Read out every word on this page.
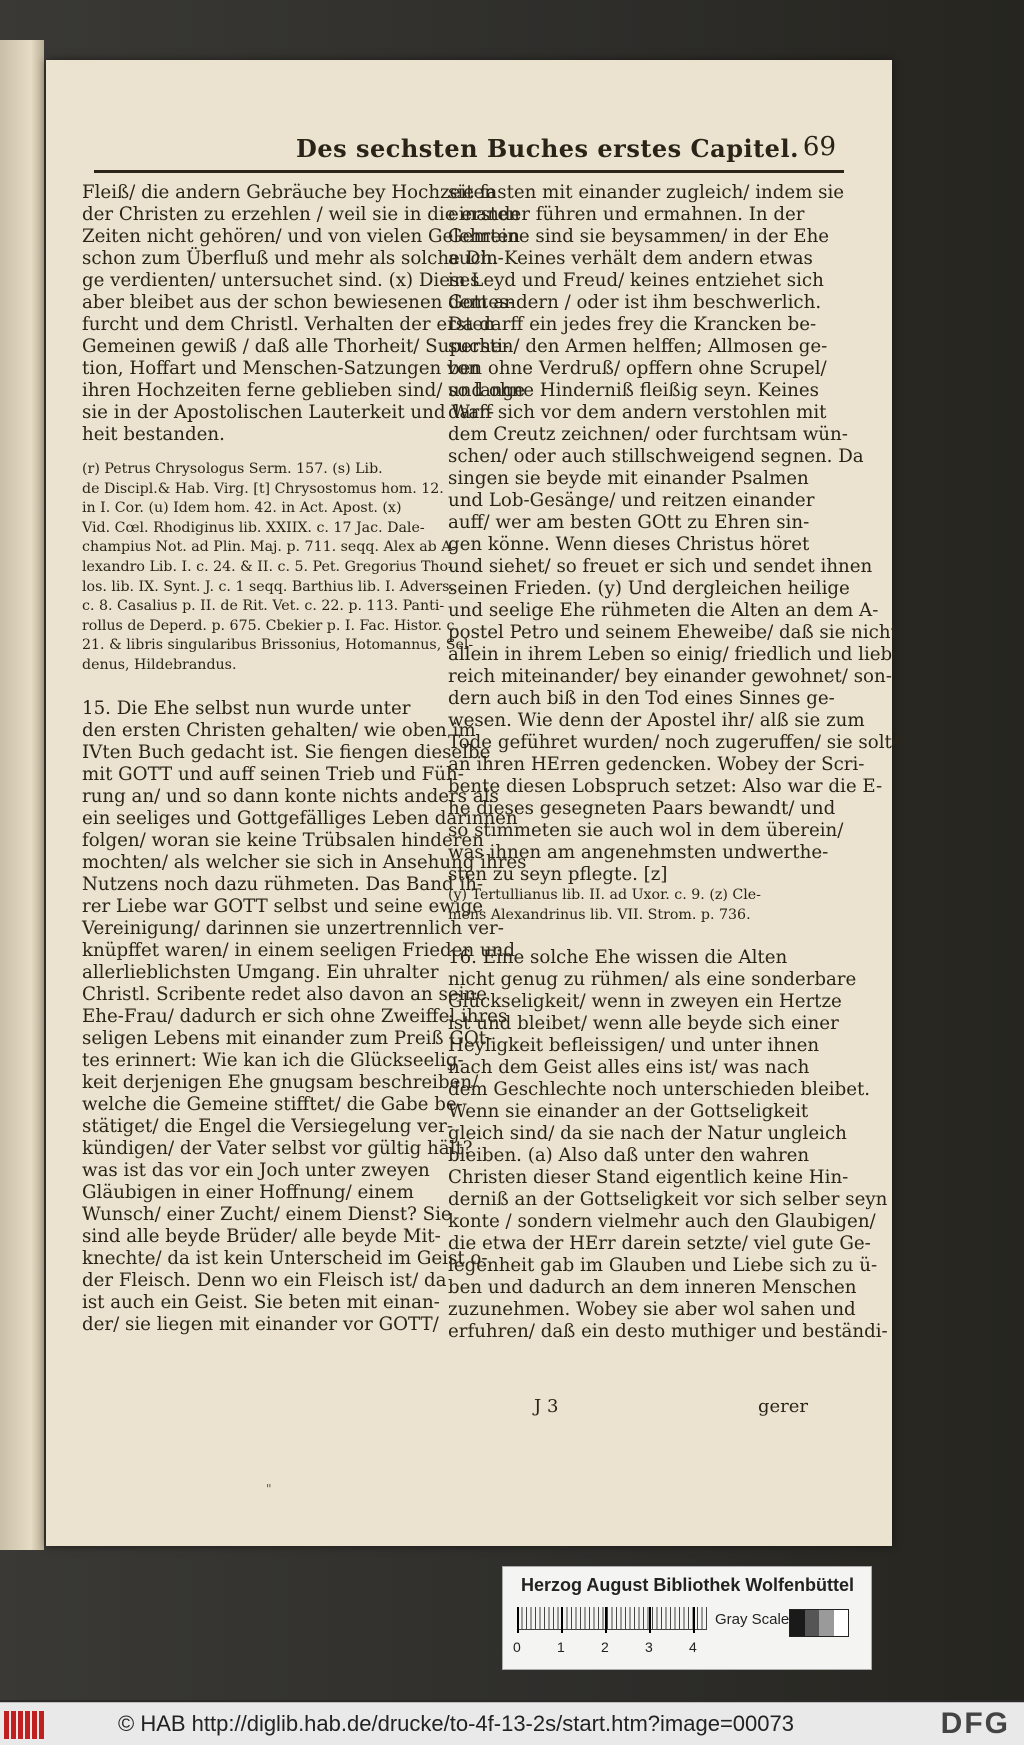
Des sechsten Buches erstes Capitel. 69
Fleiß/ die andern Gebräuche bey Hochzeiten
der Christen zu erzehlen / weil sie in die ersten
Zeiten nicht gehören/ und von vielen Gelehrten
schon zum Überfluß und mehr als solche Din-
ge verdienten/ untersuchet sind. (x) Dieses
aber bleibet aus der schon bewiesenen Gottes-
furcht und dem Christl. Verhalten der ersten
Gemeinen gewiß / daß alle Thorheit/ Supersti-
tion, Hoffart und Menschen-Satzungen von
ihren Hochzeiten ferne geblieben sind/ so lange
sie in der Apostolischen Lauterkeit und War-
heit bestanden.
(r) Petrus Chrysologus Serm. 157. (s) Lib.
de Discipl.& Hab. Virg. [t] Chrysostomus hom. 12.
in I. Cor. (u) Idem hom. 42. in Act. Apost. (x)
Vid. Cœl. Rhodiginus lib. XXIIX. c. 17 Jac. Dale-
champius Not. ad Plin. Maj. p. 711. seqq. Alex ab A-
lexandro Lib. I. c. 24. & II. c. 5. Pet. Gregorius Tho-
los. lib. IX. Synt. J. c. 1 seqq. Barthius lib. I. Advers.
c. 8. Casalius p. II. de Rit. Vet. c. 22. p. 113. Panti-
rollus de Deperd. p. 675. Cbekier p. I. Fac. Histor. c.
21. & libris singularibus Brissonius, Hotomannus, Sel-
denus, Hildebrandus.
15. Die Ehe selbst nun wurde unter
den ersten Christen gehalten/ wie oben im
IVten Buch gedacht ist. Sie fiengen dieselbe
mit GOTT und auff seinen Trieb und Füh-
rung an/ und so dann konte nichts anders als
ein seeliges und Gottgefälliges Leben darinnen
folgen/ woran sie keine Trübsalen hinderen
mochten/ als welcher sie sich in Ansehung ihres
Nutzens noch dazu rühmeten. Das Band ih-
rer Liebe war GOTT selbst und seine ewige
Vereinigung/ darinnen sie unzertrennlich ver-
knüpffet waren/ in einem seeligen Frieden und
allerlieblichsten Umgang. Ein uhralter
Christl. Scribente redet also davon an seine
Ehe-Frau/ dadurch er sich ohne Zweiffel ihres
seligen Lebens mit einander zum Preiß GOt-
tes erinnert: Wie kan ich die Glückseelig-
keit derjenigen Ehe gnugsam beschreiben/
welche die Gemeine stifftet/ die Gabe be-
stätiget/ die Engel die Versiegelung ver-
kündigen/ der Vater selbst vor gültig hält?
was ist das vor ein Joch unter zweyen
Gläubigen in einer Hoffnung/ einem
Wunsch/ einer Zucht/ einem Dienst? Sie
sind alle beyde Brüder/ alle beyde Mit-
knechte/ da ist kein Unterscheid im Geist o-
der Fleisch. Denn wo ein Fleisch ist/ da
ist auch ein Geist. Sie beten mit einan-
der/ sie liegen mit einander vor GOTT/
sie fasten mit einander zugleich/ indem sie
einander führen und ermahnen. In der
Gemeine sind sie beysammen/ in der Ehe
auch. Keines verhält dem andern etwas
in Leyd und Freud/ keines entziehet sich
dem andern / oder ist ihm beschwerlich.
Da darff ein jedes frey die Krancken be-
suchen/ den Armen helffen; Allmosen ge-
ben ohne Verdruß/ opffern ohne Scrupel/
und ohne Hinderniß fleißig seyn. Keines
darff sich vor dem andern verstohlen mit
dem Creutz zeichnen/ oder furchtsam wün-
schen/ oder auch stillschweigend segnen. Da
singen sie beyde mit einander Psalmen
und Lob-Gesänge/ und reitzen einander
auff/ wer am besten GOtt zu Ehren sin-
gen könne. Wenn dieses Christus höret
und siehet/ so freuet er sich und sendet ihnen
seinen Frieden. (y) Und dergleichen heilige
und seelige Ehe rühmeten die Alten an dem A-
postel Petro und seinem Eheweibe/ daß sie nicht
allein in ihrem Leben so einig/ friedlich und lieb-
reich miteinander/ bey einander gewohnet/ son-
dern auch biß in den Tod eines Sinnes ge-
wesen. Wie denn der Apostel ihr/ alß sie zum
Tode geführet wurden/ noch zugeruffen/ sie solte
an ihren HErren gedencken. Wobey der Scri-
bente diesen Lobspruch setzet: Also war die E-
he dieses gesegneten Paars bewandt/ und
so stimmeten sie auch wol in dem überein/
was ihnen am angenehmsten undwerthe-
sten zu seyn pflegte. [z]
(y) Tertullianus lib. II. ad Uxor. c. 9. (z) Cle-
mens Alexandrinus lib. VII. Strom. p. 736.
16. Eine solche Ehe wissen die Alten
nicht genug zu rühmen/ als eine sonderbare
Glückseligkeit/ wenn in zweyen ein Hertze
ist und bleibet/ wenn alle beyde sich einer
Heyligkeit befleissigen/ und unter ihnen
nach dem Geist alles eins ist/ was nach
dem Geschlechte noch unterschieden bleibet.
Wenn sie einander an der Gottseligkeit
gleich sind/ da sie nach der Natur ungleich
bleiben. (a) Also daß unter den wahren
Christen dieser Stand eigentlich keine Hin-
derniß an der Gottseligkeit vor sich selber seyn
konte / sondern vielmehr auch den Glaubigen/
die etwa der HErr darein setzte/ viel gute Ge-
legenheit gab im Glauben und Liebe sich zu ü-
ben und dadurch an dem inneren Menschen
zuzunehmen. Wobey sie aber wol sahen und
erfuhren/ daß ein desto muthiger und beständi-
J 3	gerer
"
Herzog August Bibliothek Wolfenbüttel
0	1	2	3	4
Gray Scale
© HAB http://diglib.hab.de/drucke/to-4f-13-2s/start.htm?image=00073	DFG
